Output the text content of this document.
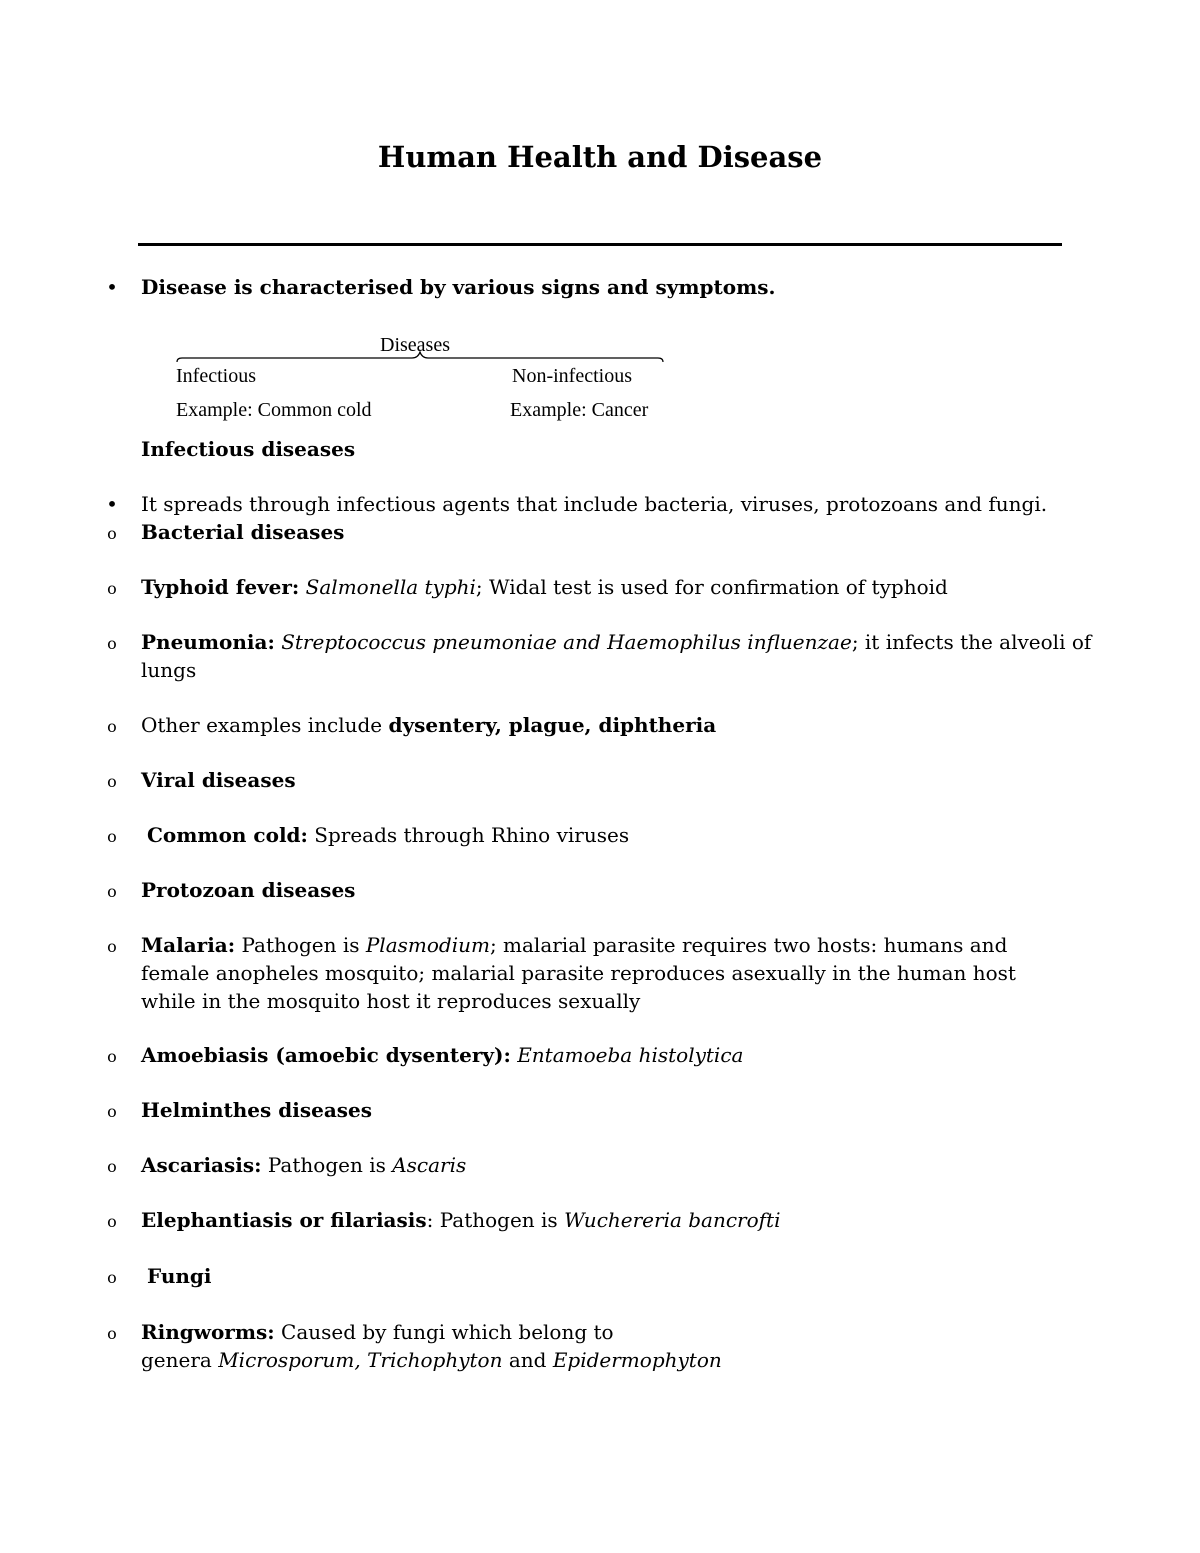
Human Health and Disease
• Disease is characterised by various signs and symptoms.
Diseases
Infectious	Non-infectious
Example: Common cold	Example: Cancer
Infectious diseases
• It spreads through infectious agents that include bacteria, viruses, protozoans and fungi.
o Bacterial diseases
o Typhoid fever: Salmonella typhi; Widal test is used for confirmation of typhoid
o Pneumonia: Streptococcus pneumoniae and Haemophilus influenzae; it infects the alveoli of
lungs
o Other examples include dysentery, plague, diphtheria
o Viral diseases
o	Common cold: Spreads through Rhino viruses
o Protozoan diseases
o Malaria: Pathogen is Plasmodium; malarial parasite requires two hosts: humans and
female anopheles mosquito; malarial parasite reproduces asexually in the human host
while in the mosquito host it reproduces sexually
o Amoebiasis (amoebic dysentery): Entamoeba histolytica
o Helminthes diseases
o Ascariasis: Pathogen is Ascaris
o Elephantiasis or filariasis: Pathogen is Wuchereria bancrofti
o	Fungi
o Ringworms: Caused by fungi which belong to
genera Microsporum, Trichophyton and Epidermophyton
